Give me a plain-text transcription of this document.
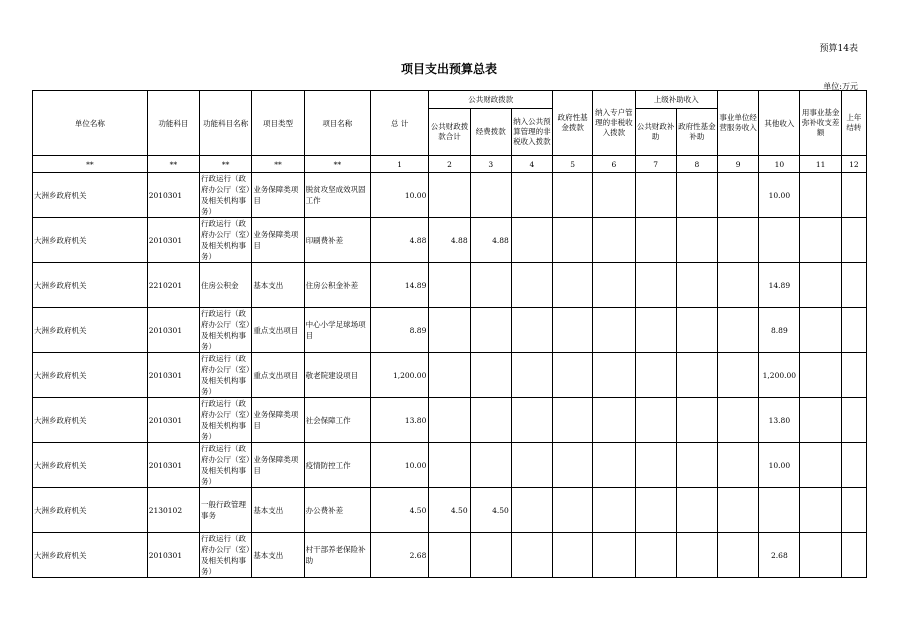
预算14表
项目支出预算总表
单位:万元
单位名称	功能科目	功能科目名称	项目类型	项目名称	总 计	公共财政拨款			政府性基金拨款	纳入专户管理的非税收入拨款	上级补助收入		事业单位经营服务收入	其他收入	用事业基金弥补收支差额	上年结转
						公共财政拨款合计	经费拨款	纳入公共预算管理的非税收入拨款			公共财政补助	政府性基金补助				
**	**	**	**	**	1	2	3	4	5	6	7	8	9	10	11	12
大洲乡政府机关	2010301	行政运行（政府办公厅（室）及相关机构事务）	业务保障类项目	脱贫攻坚成效巩固工作	10.00									10.00		
大洲乡政府机关	2010301	行政运行（政府办公厅（室）及相关机构事务）	业务保障类项目	印刷费补差	4.88	4.88	4.88									
大洲乡政府机关	2210201	住房公积金	基本支出	住房公积金补差	14.89									14.89		
大洲乡政府机关	2010301	行政运行（政府办公厅（室）及相关机构事务）	重点支出项目	中心小学足球场项目	8.89									8.89		
大洲乡政府机关	2010301	行政运行（政府办公厅（室）及相关机构事务）	重点支出项目	敬老院建设项目	1,200.00									1,200.00		
大洲乡政府机关	2010301	行政运行（政府办公厅（室）及相关机构事务）	业务保障类项目	社会保障工作	13.80									13.80		
大洲乡政府机关	2010301	行政运行（政府办公厅（室）及相关机构事务）	业务保障类项目	疫情防控工作	10.00									10.00		
大洲乡政府机关	2130102	一般行政管理事务	基本支出	办公费补差	4.50	4.50	4.50									
大洲乡政府机关	2010301	行政运行（政府办公厅（室）及相关机构事务）	基本支出	村干部养老保险补助	2.68									2.68		
